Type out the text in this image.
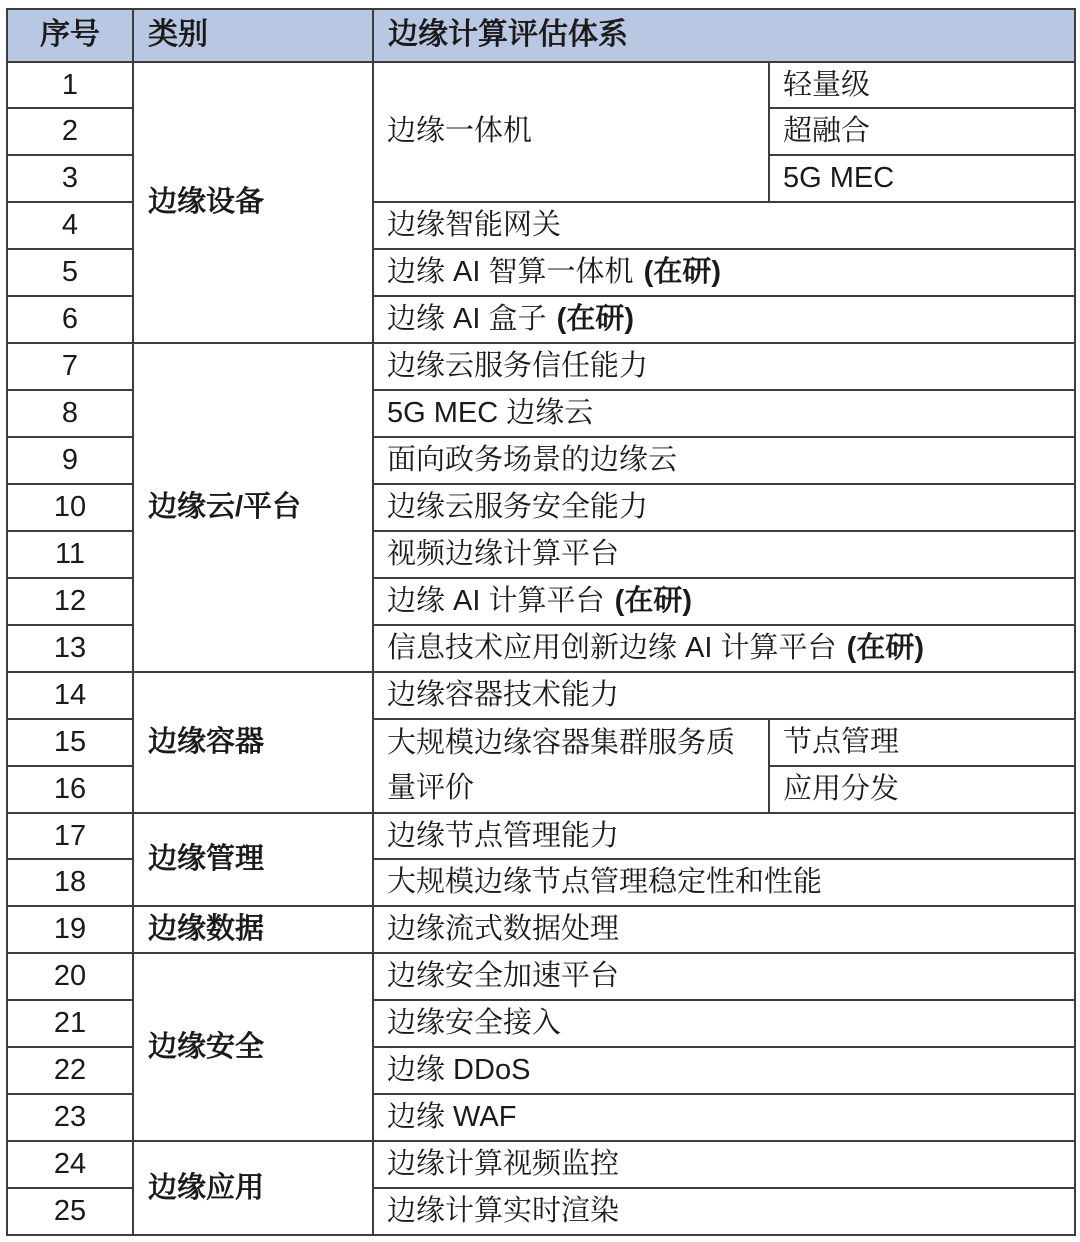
序号	类别	边缘计算评估体系	
1	边缘设备	边缘一体机	轻量级
2			超融合
3			5G MEC
4		边缘智能网关	
5		边缘 AI 智算一体机 (在研)	
6		边缘 AI 盒子 (在研)	
7	边缘云/平台	边缘云服务信任能力	
8		5G MEC 边缘云	
9		面向政务场景的边缘云	
10		边缘云服务安全能力	
11		视频边缘计算平台	
12		边缘 AI 计算平台 (在研)	
13		信息技术应用创新边缘 AI 计算平台 (在研)	
14	边缘容器	边缘容器技术能力	
15		大规模边缘容器集群服务质量评价	节点管理
16			应用分发
17	边缘管理	边缘节点管理能力	
18		大规模边缘节点管理稳定性和性能	
19	边缘数据	边缘流式数据处理	
20	边缘安全	边缘安全加速平台	
21		边缘安全接入	
22		边缘 DDoS	
23		边缘 WAF	
24	边缘应用	边缘计算视频监控	
25		边缘计算实时渲染	
